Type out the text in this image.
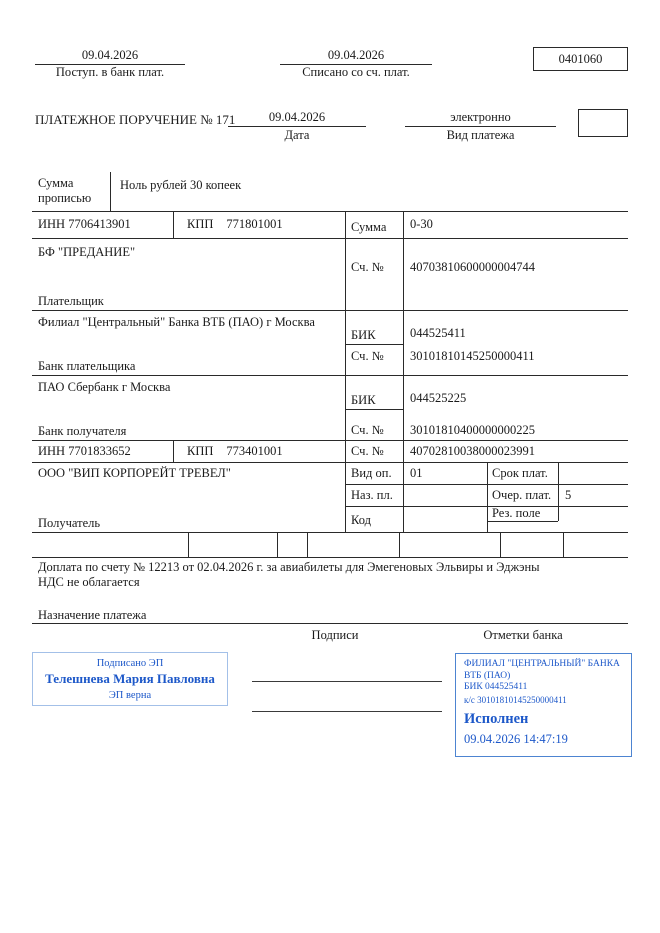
09.04.2026
Поступ. в банк плат.
09.04.2026
Списано со сч. плат.
0401060
ПЛАТЕЖНОЕ ПОРУЧЕНИЕ № 171	09.04.2026
Дата
электронно
Вид платежа
Сумма прописью
Ноль рублей 30 копеек
ИНН 7706413901	КПП 771801001	Сумма 0-30
БФ "ПРЕДАНИЕ"
Плательщик
Сч. № 40703810600000004744
Филиал "Центральный" Банка ВТБ (ПАО) г Москва
БИК	044525411
Сч. № 30101810145250000411
Банк плательщика
ПАО Сбербанк г Москва
БИК	044525225
Сч. № 30101810400000000225
Банк получателя
ИНН 7701833652	КПП 773401001	Сч. № 40702810038000023991
ООО "ВИП КОРПОРЕЙТ ТРЕВЕЛ"	Вид оп. 01	Срок плат.
Наз. пл.	Очер. плат. 5
Код	Рез. поле
Получатель
Доплата по счету № 12213 от 02.04.2026 г. за авиабилеты для Эмегеновых Эльвиры и Эджэны
НДС не облагается
Назначение платежа
Подписи	Отметки банка
Подписано ЭП
Телешнева Мария Павловна
ЭП верна
ФИЛИАЛ "ЦЕНТРАЛЬНЫЙ" БАНКА ВТБ (ПАО)
БИК 044525411
к/с 30101810145250000411
Исполнен
09.04.2026 14:47:19
